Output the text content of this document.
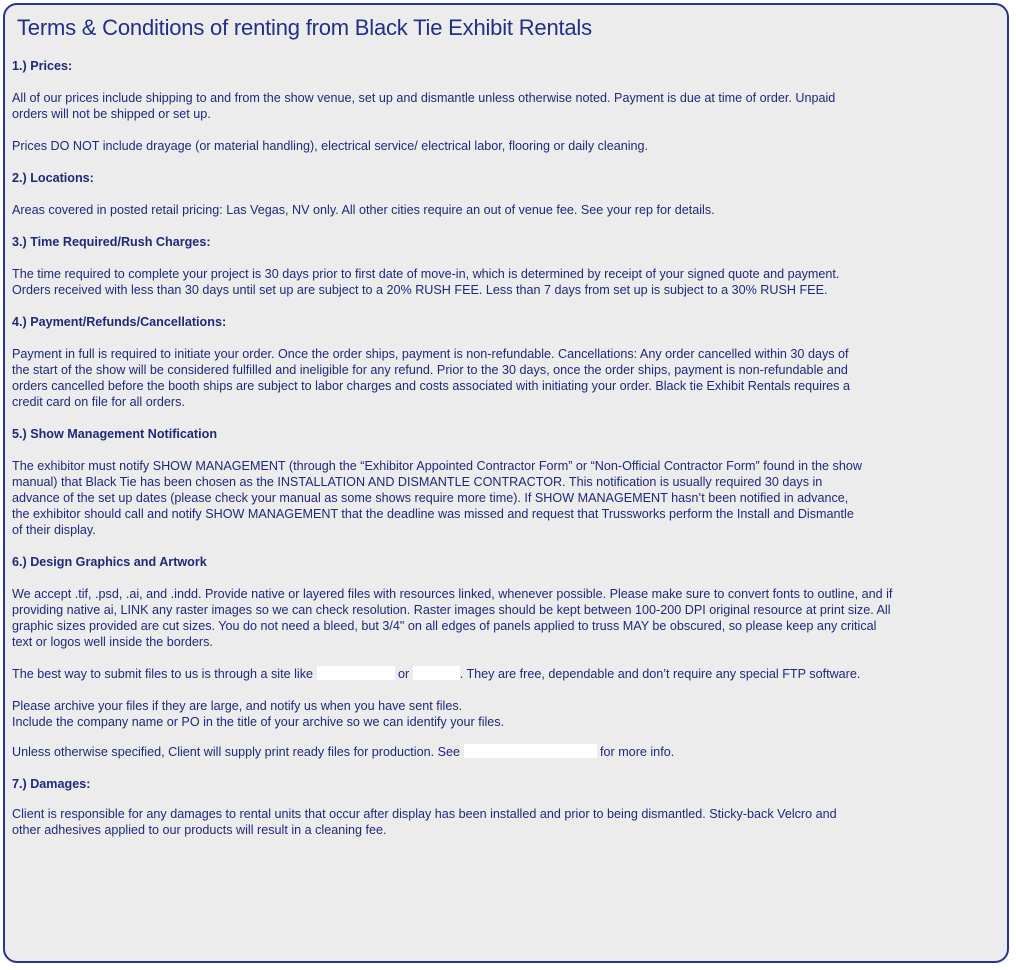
Terms & Conditions of renting from Black Tie Exhibit Rentals
1.) Prices:
All of our prices include shipping to and from the show venue, set up and dismantle unless otherwise noted. Payment is due at time of order. Unpaid
orders will not be shipped or set up.
Prices DO NOT include drayage (or material handling), electrical service/ electrical labor, flooring or daily cleaning.
2.) Locations:
Areas covered in posted retail pricing: Las Vegas, NV only. All other cities require an out of venue fee. See your rep for details.
3.) Time Required/Rush Charges:
The time required to complete your project is 30 days prior to first date of move-in, which is determined by receipt of your signed quote and payment.
Orders received with less than 30 days until set up are subject to a 20% RUSH FEE. Less than 7 days from set up is subject to a 30% RUSH FEE.
4.) Payment/Refunds/Cancellations:
Payment in full is required to initiate your order. Once the order ships, payment is non-refundable. Cancellations: Any order cancelled within 30 days of
the start of the show will be considered fulfilled and ineligible for any refund. Prior to the 30 days, once the order ships, payment is non-refundable and
orders cancelled before the booth ships are subject to labor charges and costs associated with initiating your order. Black tie Exhibit Rentals requires a
credit card on file for all orders.
5.) Show Management Notification
The exhibitor must notify SHOW MANAGEMENT (through the “Exhibitor Appointed Contractor Form” or “Non-Official Contractor Form” found in the show
manual) that Black Tie has been chosen as the INSTALLATION AND DISMANTLE CONTRACTOR. This notification is usually required 30 days in
advance of the set up dates (please check your manual as some shows require more time). If SHOW MANAGEMENT hasn’t been notified in advance,
the exhibitor should call and notify SHOW MANAGEMENT that the deadline was missed and request that Trussworks perform the Install and Dismantle
of their display.
6.) Design Graphics and Artwork
We accept .tif, .psd, .ai, and .indd. Provide native or layered files with resources linked, whenever possible. Please make sure to convert fonts to outline, and if
providing native ai, LINK any raster images so we can check resolution. Raster images should be kept between 100-200 DPI original resource at print size. All
graphic sizes provided are cut sizes. You do not need a bleed, but 3/4" on all edges of panels applied to truss MAY be obscured, so please keep any critical
text or logos well inside the borders.
The best way to submit files to us is through a site like	or	. They are free, dependable and don’t require any special FTP software.
Please archive your files if they are large, and notify us when you have sent files.
Include the company name or PO in the title of your archive so we can identify your files.
Unless otherwise specified, Client will supply print ready files for production. See	for more info.
7.) Damages:
Client is responsible for any damages to rental units that occur after display has been installed and prior to being dismantled. Sticky-back Velcro and
other adhesives applied to our products will result in a cleaning fee.
